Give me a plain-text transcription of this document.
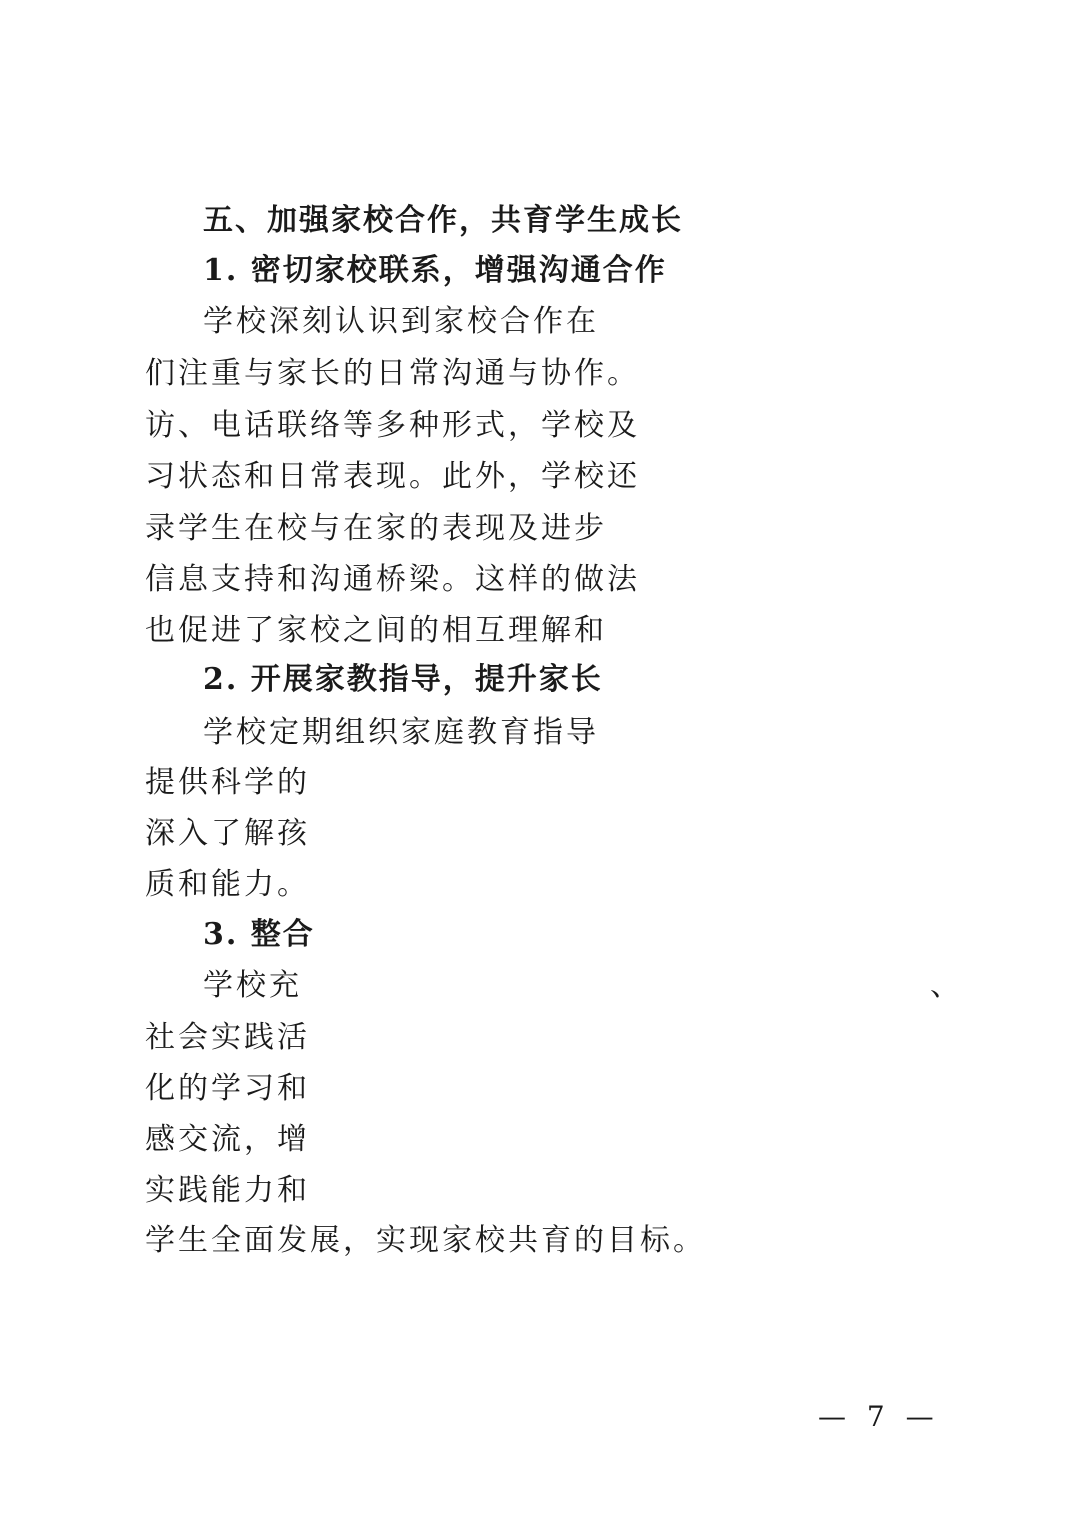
五、加强家校合作，共育学生成长
1. 密切家校联系，增强沟通合作
学校深刻认识到家校合作在
们注重与家长的日常沟通与协作。
访、电话联络等多种形式，学校及
习状态和日常表现。此外，学校还
录学生在校与在家的表现及进步
信息支持和沟通桥梁。这样的做法
也促进了家校之间的相互理解和
2. 开展家教指导，提升家长
学校定期组织家庭教育指导
提供科学的
深入了解孩
质和能力。
3. 整合
学校充	、
社会实践活
化的学习和
感交流，增
实践能力和
学生全面发展，实现家校共育的目标。
— 7 —
